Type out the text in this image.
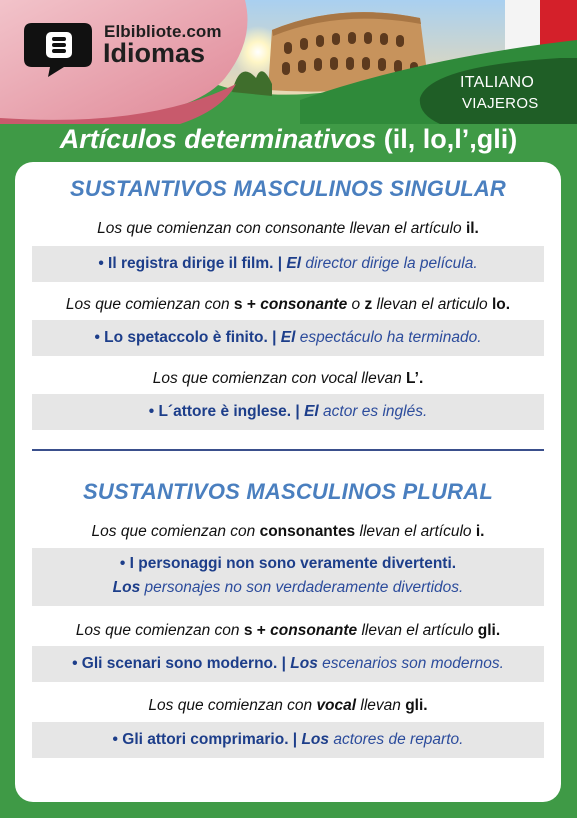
Elbibliote.com
Idiomas
ITALIANO
VIAJEROS
Artículos determinativos (il, lo,l’,gli)
SUSTANTIVOS MASCULINOS SINGULAR
Los que comienzan con consonante llevan el artículo il.
• Il registra dirige il film. | El director dirige la película.
Los que comienzan con s + consonante o z llevan el articulo lo.
• Lo spetaccolo è finito. | El espectáculo ha terminado.
Los que comienzan con vocal llevan L’.
• L´attore è inglese. | El actor es inglés.
SUSTANTIVOS MASCULINOS PLURAL
Los que comienzan con consonantes llevan el artículo i.
• I personaggi non sono veramente divertenti.
Los personajes no son verdaderamente divertidos.
Los que comienzan con s + consonante llevan el artículo gli.
• Gli scenari sono moderno. | Los escenarios son modernos.
Los que comienzan con vocal llevan gli.
• Gli attori comprimario. | Los actores de reparto.
